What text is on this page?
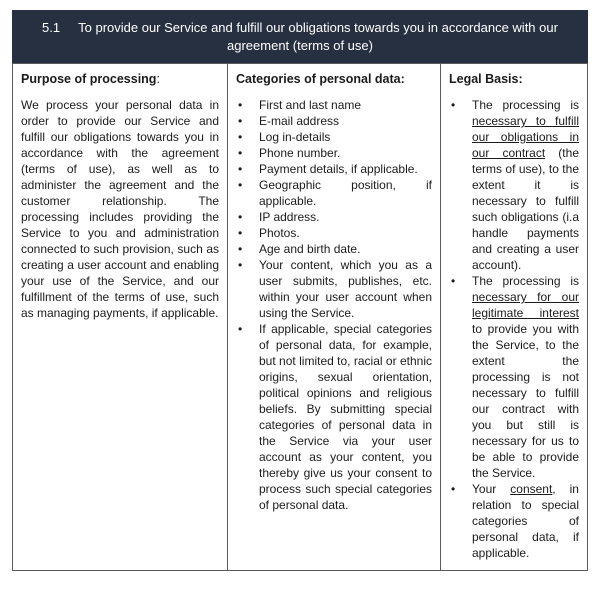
5.1 To provide our Service and fulfill our obligations towards you in accordance with our agreement (terms of use)
Purpose of processing:

We process your personal data in order to provide our Service and fulfill our obligations towards you in accordance with the agreement (terms of use), as well as to administer the agreement and the customer relationship. The processing includes providing the Service to you and administration connected to such provision, such as creating a user account and enabling your use of the Service, and our fulfillment of the terms of use, such as managing payments, if applicable.

Categories of personal data:
• First and last name
• E-mail address
• Log in-details
• Phone number.
• Payment details, if applicable.
• Geographic position, if applicable.
• IP address.
• Photos.
• Age and birth date.
• Your content, which you as a user submits, publishes, etc. within your user account when using the Service.
• If applicable, special categories of personal data, for example, but not limited to, racial or ethnic origins, sexual orientation, political opinions and religious beliefs. By submitting special categories of personal data in the Service via your user account as your content, you thereby give us your consent to process such special categories of personal data.
Legal Basis:
• The processing is necessary to fulfill our obligations in our contract (the terms of use), to the extent it is necessary to fulfill such obligations (i.a handle payments and creating a user account).
• The processing is necessary for our legitimate interest to provide you with the Service, to the extent the processing is not necessary to fulfill our contract with you but still is necessary for us to be able to provide the Service.
• Your consent, in relation to special categories of personal data, if applicable.
